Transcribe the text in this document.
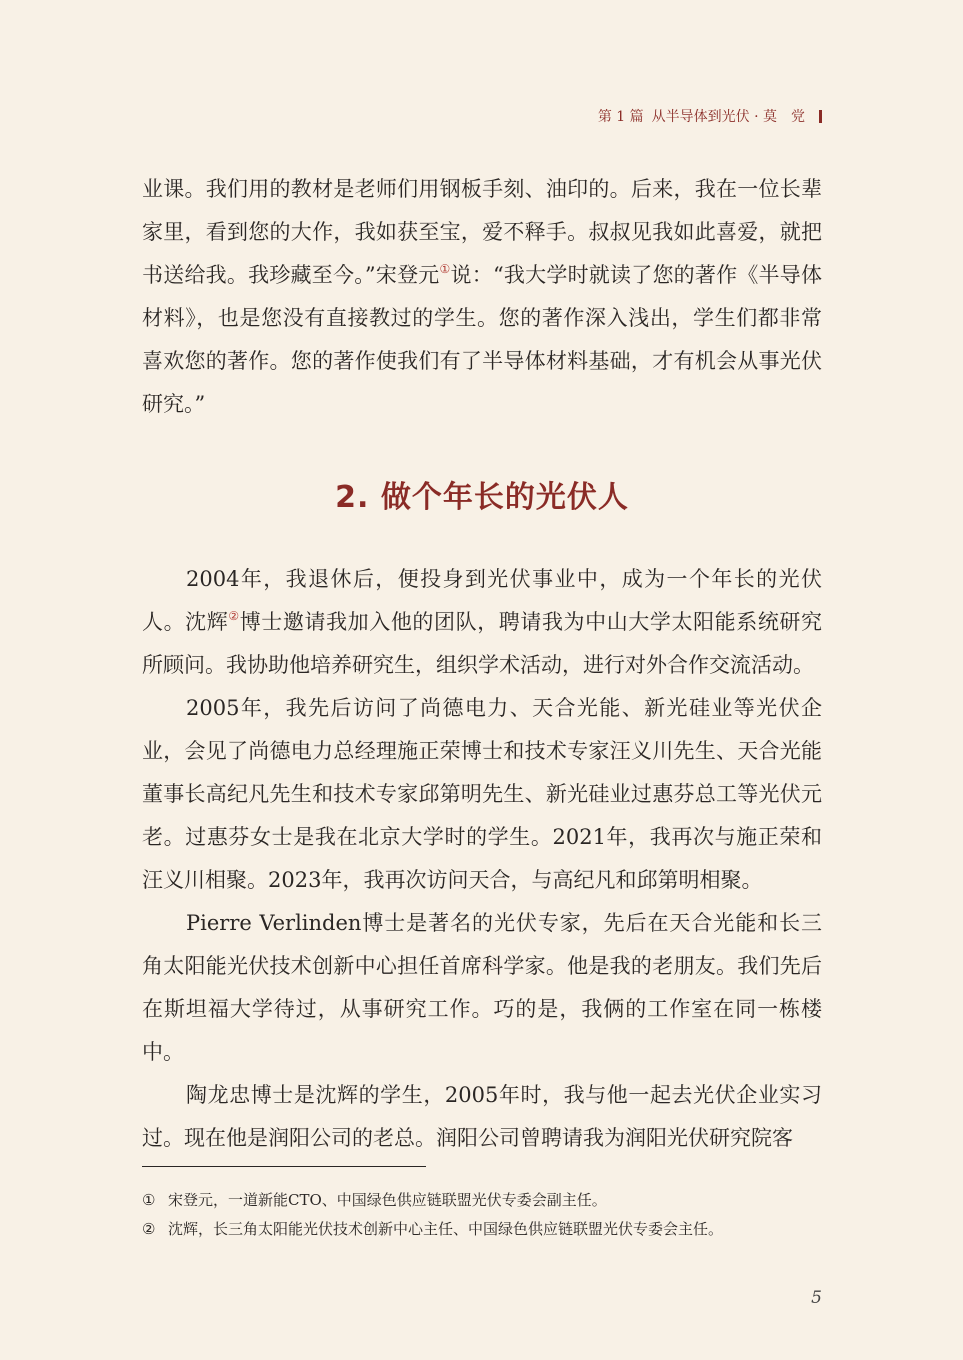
第 1 篇 从半导体到光伏 · 莫　党

业课。我们用的教材是老师们用钢板手刻、油印的。后来，我在一位长辈家里，看到您的大作，我如获至宝，爱不释手。叔叔见我如此喜爱，就把书送给我。我珍藏至今。”宋登元①说：“我大学时就读了您的著作《半导体材料》，也是您没有直接教过的学生。您的著作深入浅出，学生们都非常喜欢您的著作。您的著作使我们有了半导体材料基础，才有机会从事光伏研究。”

2. 做个年长的光伏人

2004年，我退休后，便投身到光伏事业中，成为一个年长的光伏人。沈辉②博士邀请我加入他的团队，聘请我为中山大学太阳能系统研究所顾问。我协助他培养研究生，组织学术活动，进行对外合作交流活动。

2005年，我先后访问了尚德电力、天合光能、新光硅业等光伏企业，会见了尚德电力总经理施正荣博士和技术专家汪义川先生、天合光能董事长高纪凡先生和技术专家邱第明先生、新光硅业过惠芬总工等光伏元老。过惠芬女士是我在北京大学时的学生。2021年，我再次与施正荣和汪义川相聚。2023年，我再次访问天合，与高纪凡和邱第明相聚。

Pierre Verlinden博士是著名的光伏专家，先后在天合光能和长三角太阳能光伏技术创新中心担任首席科学家。他是我的老朋友。我们先后在斯坦福大学待过，从事研究工作。巧的是，我俩的工作室在同一栋楼中。

陶龙忠博士是沈辉的学生，2005年时，我与他一起去光伏企业实习过。现在他是润阳公司的老总。润阳公司曾聘请我为润阳光伏研究院客

① 宋登元，一道新能CTO、中国绿色供应链联盟光伏专委会副主任。
② 沈辉，长三角太阳能光伏技术创新中心主任、中国绿色供应链联盟光伏专委会主任。
5
